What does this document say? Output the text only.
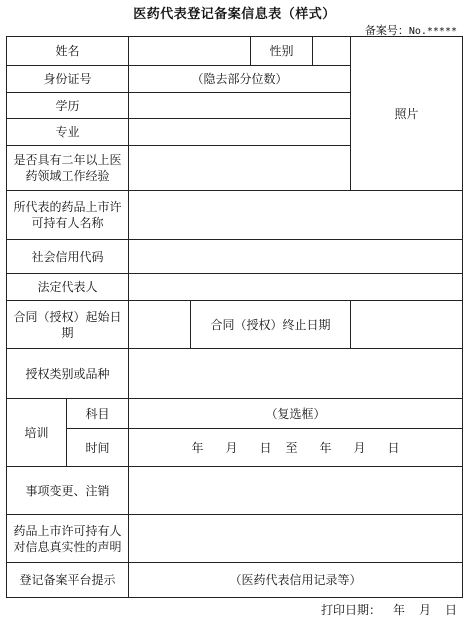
医药代表登记备案信息表（样式）
备案号：No.*****
姓名				性别		照片
身份证号		（隐去部分位数）				
学历						
专业						
是否具有二年以上医药领域工作经验						
所代表的药品上市许可持有人名称						
社会信用代码						
法定代表人						
合同（授权）起始日期			合同（授权）终止日期			
授权类别或品种						
培训	科目	（复选框）				
	时间	年 月 日 至 年 月 日				
事项变更、注销						
药品上市许可持有人对信息真实性的声明						
登记备案平台提示		（医药代表信用记录等）				
打印日期： 年 月 日
